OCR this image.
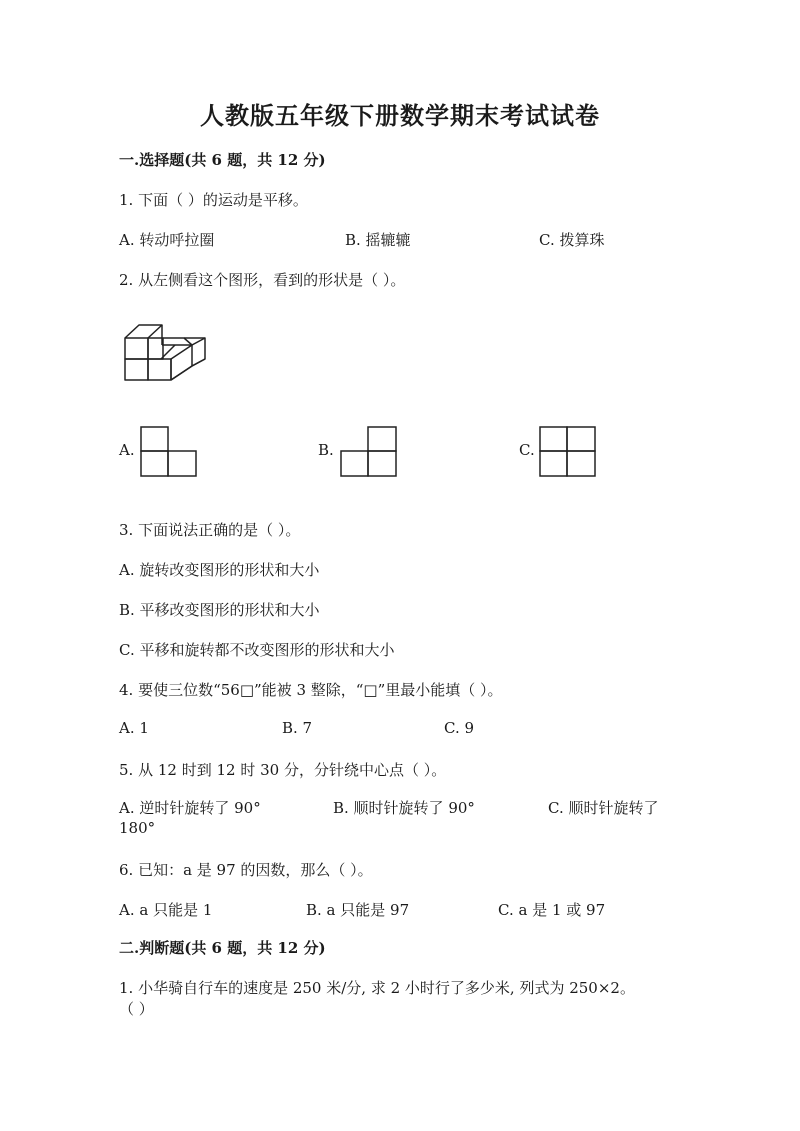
人教版五年级下册数学期末考试试卷
一.选择题(共 6 题，共 12 分)
1. 下面（ ）的运动是平移。
A. 转动呼拉圈	B. 摇辘辘	C. 拨算珠
2. 从左侧看这个图形，看到的形状是（ ）。
A.	B.	C.
3. 下面说法正确的是（ ）。
A. 旋转改变图形的形状和大小
B. 平移改变图形的形状和大小
C. 平移和旋转都不改变图形的形状和大小
4. 要使三位数“56□”能被 3 整除，“□”里最小能填（ ）。
A. 1	B. 7	C. 9
5. 从 12 时到 12 时 30 分，分针绕中心点（ ）。
A. 逆时针旋转了 90°	B. 顺时针旋转了 90°	C. 顺时针旋转了
180°
6. 已知：a 是 97 的因数，那么（ ）。
A. a 只能是 1	B. a 只能是 97	C. a 是 1 或 97
二.判断题(共 6 题，共 12 分)
1. 小华骑自行车的速度是 250 米/分, 求 2 小时行了多少米, 列式为 250×2。
（ ）
